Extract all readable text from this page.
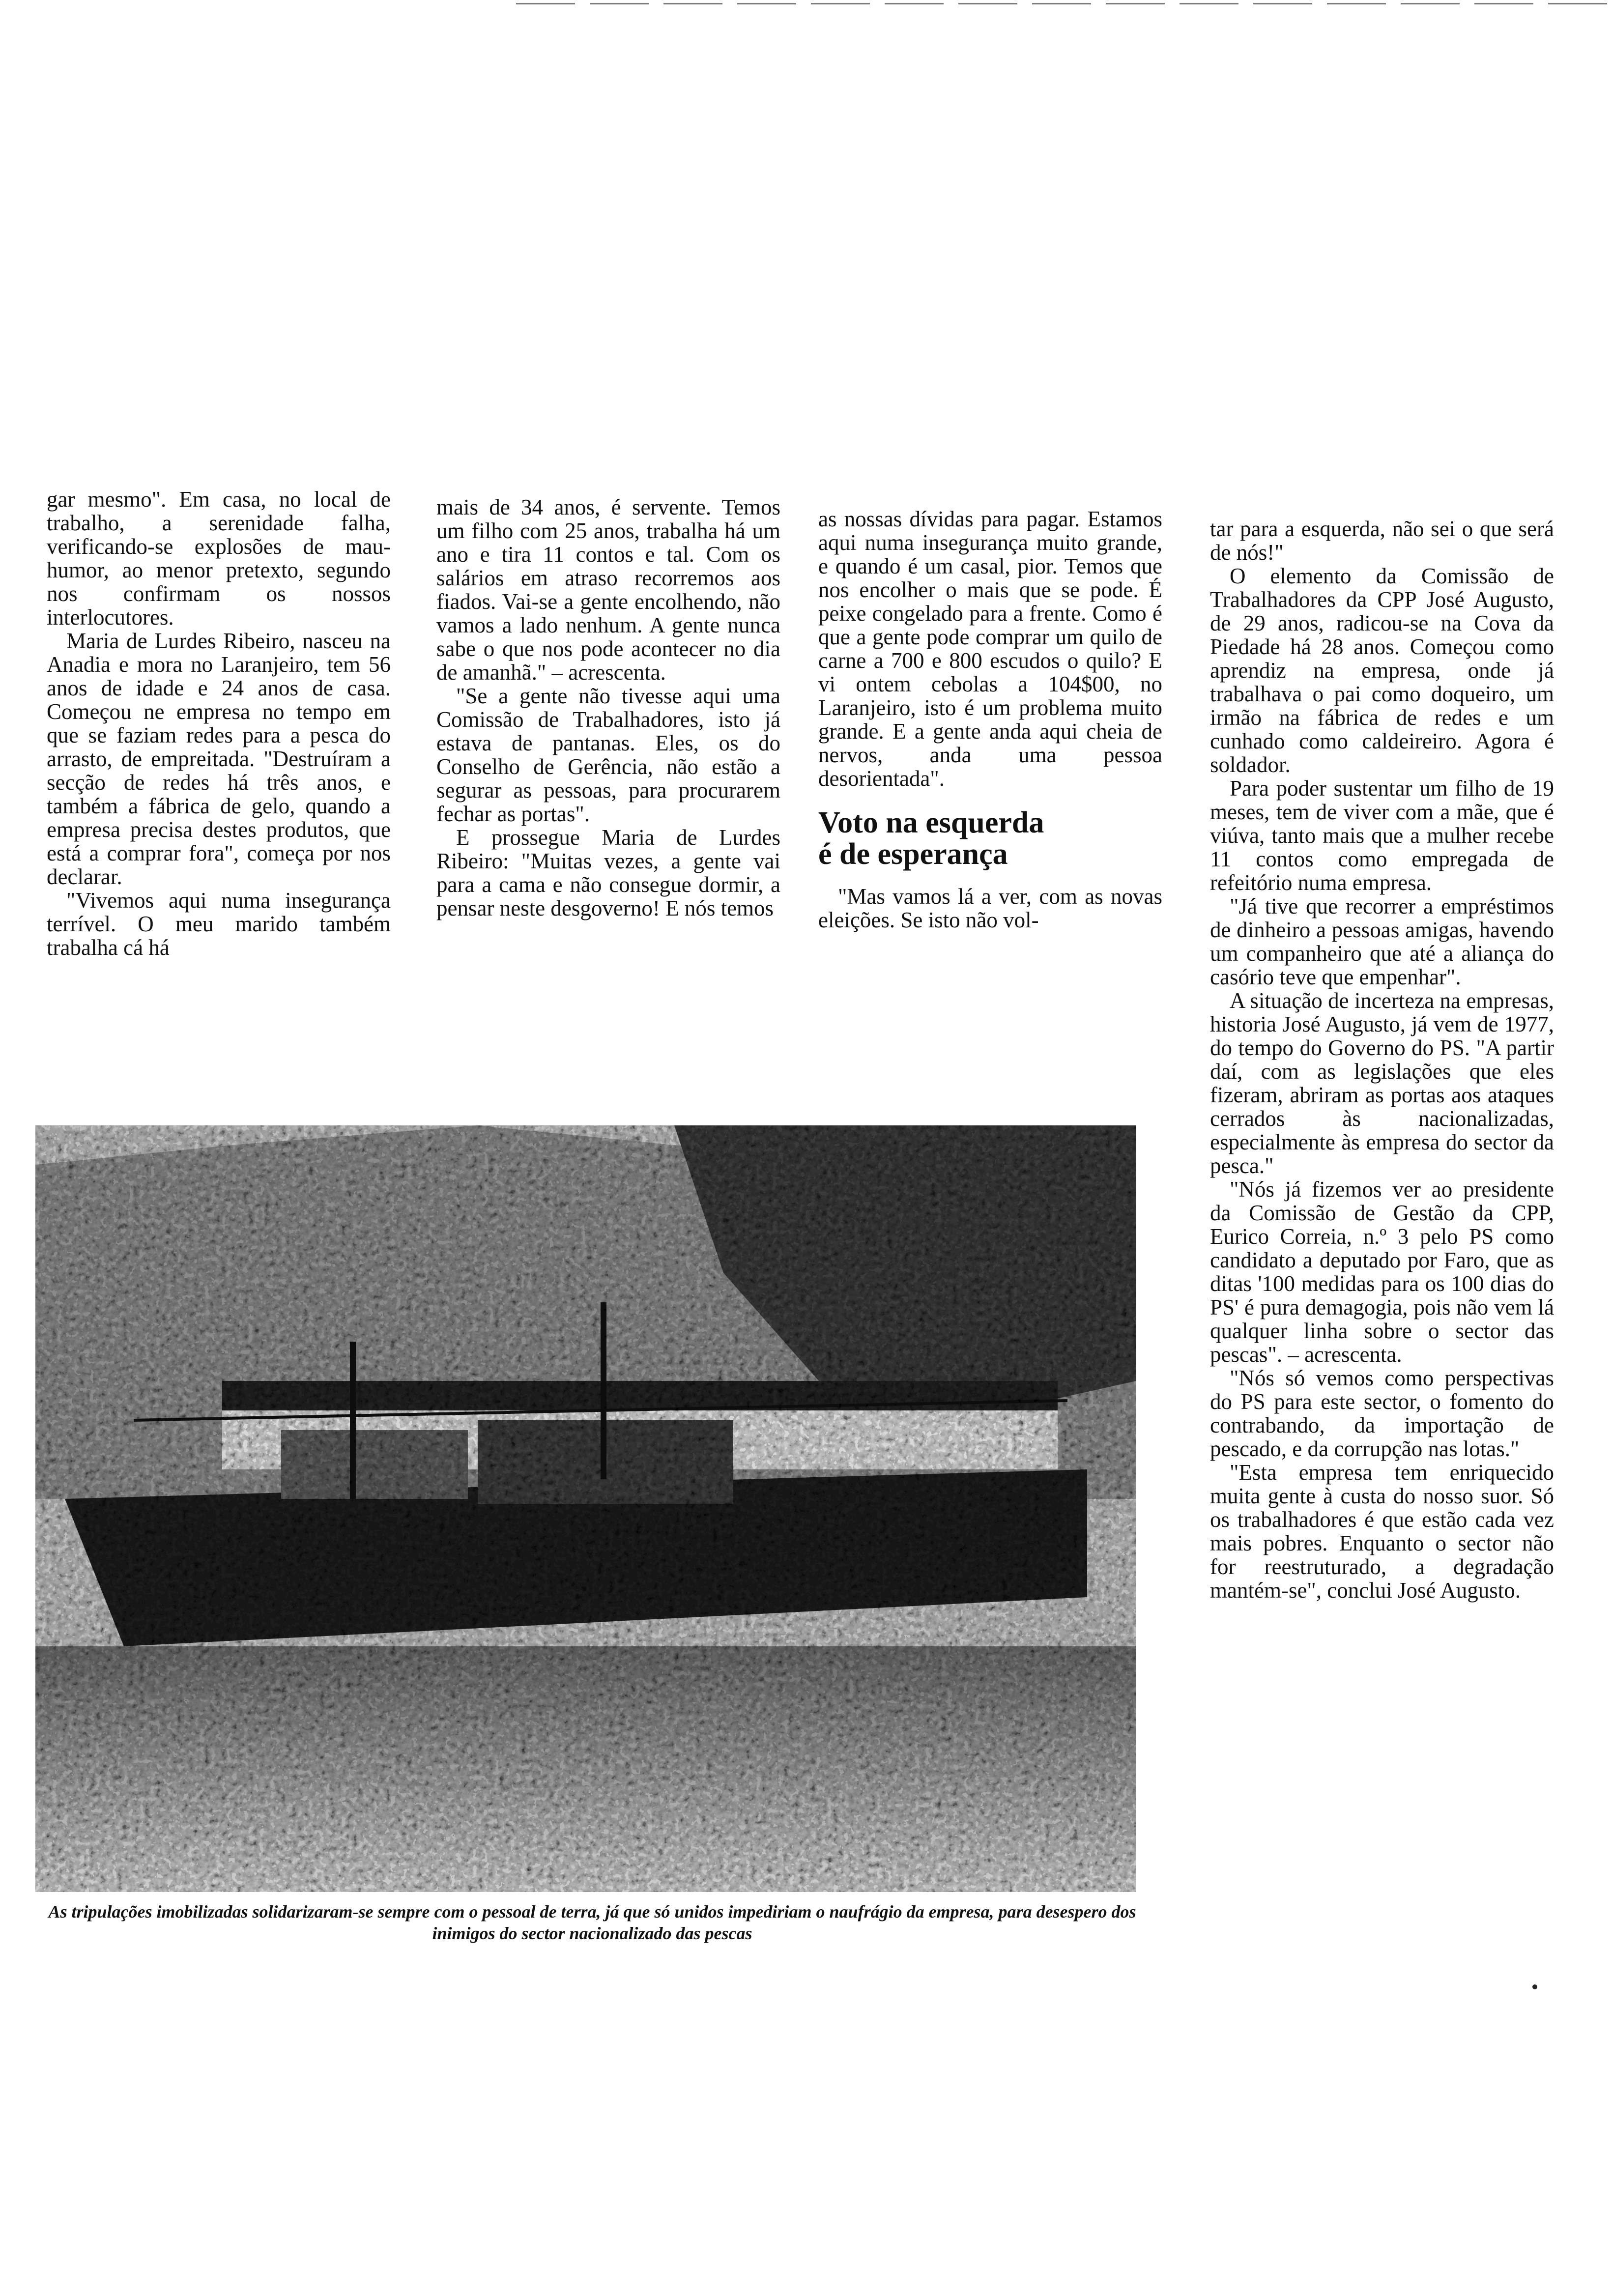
gar mesmo". Em casa, no local de trabalho, a serenidade falha, verificando-se explosões de mau-humor, ao menor pretexto, segundo nos confirmam os nossos interlocutores.

Maria de Lurdes Ribeiro, nasceu na Anadia e mora no Laranjeiro, tem 56 anos de idade e 24 anos de casa. Começou ne empresa no tempo em que se faziam redes para a pesca do arrasto, de empreitada. "Destruíram a secção de redes há três anos, e também a fábrica de gelo, quando a empresa precisa destes produtos, que está a comprar fora", começa por nos declarar.

"Vivemos aqui numa insegurança terrível. O meu marido também trabalha cá há

mais de 34 anos, é servente. Temos um filho com 25 anos, trabalha há um ano e tira 11 contos e tal. Com os salários em atraso recorremos aos fiados. Vai-se a gente encolhendo, não vamos a lado nenhum. A gente nunca sabe o que nos pode acontecer no dia de amanhã." – acrescenta.

"Se a gente não tivesse aqui uma Comissão de Trabalhadores, isto já estava de pantanas. Eles, os do Conselho de Gerência, não estão a segurar as pessoas, para procurarem fechar as portas".

E prossegue Maria de Lurdes Ribeiro: "Muitas vezes, a gente vai para a cama e não consegue dormir, a pensar neste desgoverno! E nós temos

as nossas dívidas para pagar. Estamos aqui numa insegurança muito grande, e quando é um casal, pior. Temos que nos encolher o mais que se pode. É peixe congelado para a frente. Como é que a gente pode comprar um quilo de carne a 700 e 800 escudos o quilo? E vi ontem cebolas a 104$00, no Laranjeiro, isto é um problema muito grande. E a gente anda aqui cheia de nervos, anda uma pessoa desorientada".

Voto na esquerda
é de esperança

"Mas vamos lá a ver, com as novas eleições. Se isto não vol-

tar para a esquerda, não sei o que será de nós!"

O elemento da Comissão de Trabalhadores da CPP José Augusto, de 29 anos, radicou-se na Cova da Piedade há 28 anos. Começou como aprendiz na empresa, onde já trabalhava o pai como doqueiro, um irmão na fábrica de redes e um cunhado como caldeireiro. Agora é soldador.

Para poder sustentar um filho de 19 meses, tem de viver com a mãe, que é viúva, tanto mais que a mulher recebe 11 contos como empregada de refeitório numa empresa.

"Já tive que recorrer a empréstimos de dinheiro a pessoas amigas, havendo um companheiro que até a aliança do casório teve que empenhar".

A situação de incerteza na empresas, historia José Augusto, já vem de 1977, do tempo do Governo do PS. "A partir daí, com as legislações que eles fizeram, abriram as portas aos ataques cerrados às nacionalizadas, especialmente às empresa do sector da pesca."

"Nós já fizemos ver ao presidente da Comissão de Gestão da CPP, Eurico Correia, n.º 3 pelo PS como candidato a deputado por Faro, que as ditas '100 medidas para os 100 dias do PS' é pura demagogia, pois não vem lá qualquer linha sobre o sector das pescas". – acrescenta.

"Nós só vemos como perspectivas do PS para este sector, o fomento do contrabando, da importação de pescado, e da corrupção nas lotas."

"Esta empresa tem enriquecido muita gente à custa do nosso suor. Só os trabalhadores é que estão cada vez mais pobres. Enquanto o sector não for reestruturado, a degradação mantém-se", conclui José Augusto.

As tripulações imobilizadas solidarizaram-se sempre com o pessoal de terra, já que só unidos impediriam o naufrágio da empresa, para desespero dos inimigos do sector nacionalizado das pescas
